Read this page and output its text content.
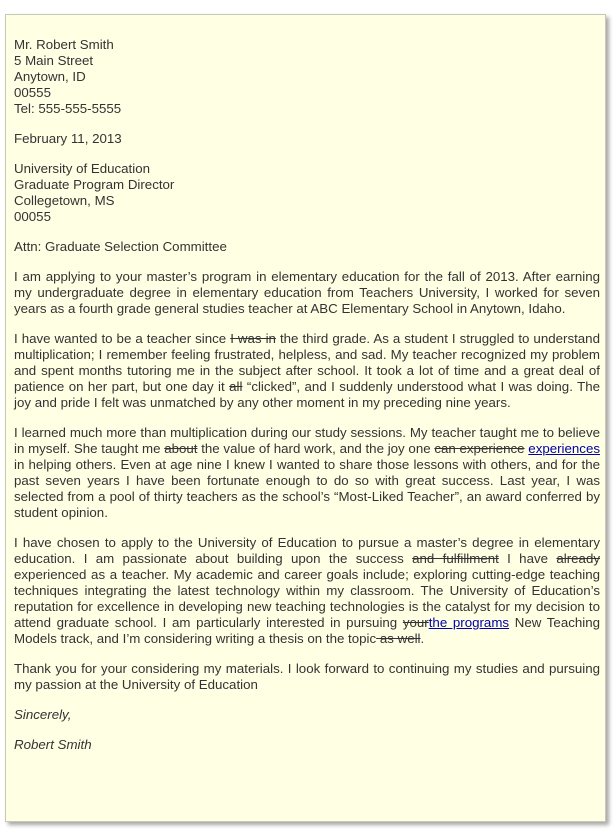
Mr. Robert Smith
5 Main Street
Anytown, ID
00555
Tel: 555-555-5555
February 11, 2013
University of Education
Graduate Program Director
Collegetown, MS
00055
Attn: Graduate Selection Committee

I am applying to your master’s program in elementary education for the fall of 2013. After earning my undergraduate degree in elementary education from Teachers University, I worked for seven years as a fourth grade general studies teacher at ABC Elementary School in Anytown, Idaho.

I have wanted to be a teacher since I was in the third grade. As a student I struggled to understand multiplication; I remember feeling frustrated, helpless, and sad. My teacher recognized my problem and spent months tutoring me in the subject after school. It took a lot of time and a great deal of patience on her part, but one day it all “clicked”, and I suddenly understood what I was doing. The joy and pride I felt was unmatched by any other moment in my preceding nine years.

I learned much more than multiplication during our study sessions. My teacher taught me to believe in myself. She taught me about the value of hard work, and the joy one can experience experiences in helping others. Even at age nine I knew I wanted to share those lessons with others, and for the past seven years I have been fortunate enough to do so with great success. Last year, I was selected from a pool of thirty teachers as the school’s “Most-Liked Teacher”, an award conferred by student opinion.

I have chosen to apply to the University of Education to pursue a master’s degree in elementary education. I am passionate about building upon the success and fulfillment I have already experienced as a teacher. My academic and career goals include; exploring cutting-edge teaching techniques integrating the latest technology within my classroom. The University of Education’s reputation for excellence in developing new teaching technologies is the catalyst for my decision to attend graduate school. I am particularly interested in pursuing yourthe programs New Teaching Models track, and I’m considering writing a thesis on the topic as well.

Thank you for your considering my materials. I look forward to continuing my studies and pursuing my passion at the University of Education

Sincerely,
Robert Smith
